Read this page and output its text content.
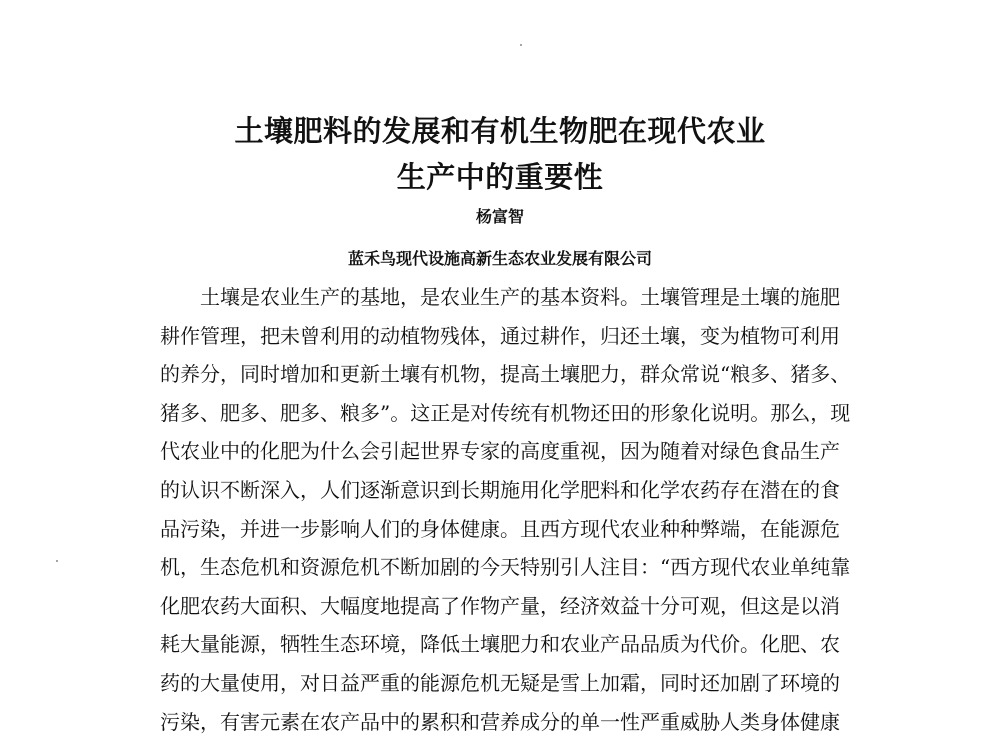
土壤肥料的发展和有机生物肥在现代农业
生产中的重要性
杨富智
蓝禾鸟现代设施高新生态农业发展有限公司
土壤是农业生产的基地，是农业生产的基本资料。土壤管理是土壤的施肥
耕作管理，把未曾利用的动植物残体，通过耕作，归还土壤，变为植物可利用
的养分，同时增加和更新土壤有机物，提高土壤肥力，群众常说“粮多、猪多、
猪多、肥多、肥多、粮多”。这正是对传统有机物还田的形象化说明。那么，现
代农业中的化肥为什么会引起世界专家的高度重视，因为随着对绿色食品生产
的认识不断深入，人们逐渐意识到长期施用化学肥料和化学农药存在潜在的食
品污染，并进一步影响人们的身体健康。且西方现代农业种种弊端，在能源危
机，生态危机和资源危机不断加剧的今天特别引人注目：“西方现代农业单纯靠
化肥农药大面积、大幅度地提高了作物产量，经济效益十分可观，但这是以消
耗大量能源，牺牲生态环境，降低土壤肥力和农业产品品质为代价。化肥、农
药的大量使用，对日益严重的能源危机无疑是雪上加霜，同时还加剧了环境的
污染，有害元素在农产品中的累积和营养成分的单一性严重威胁人类身体健康
